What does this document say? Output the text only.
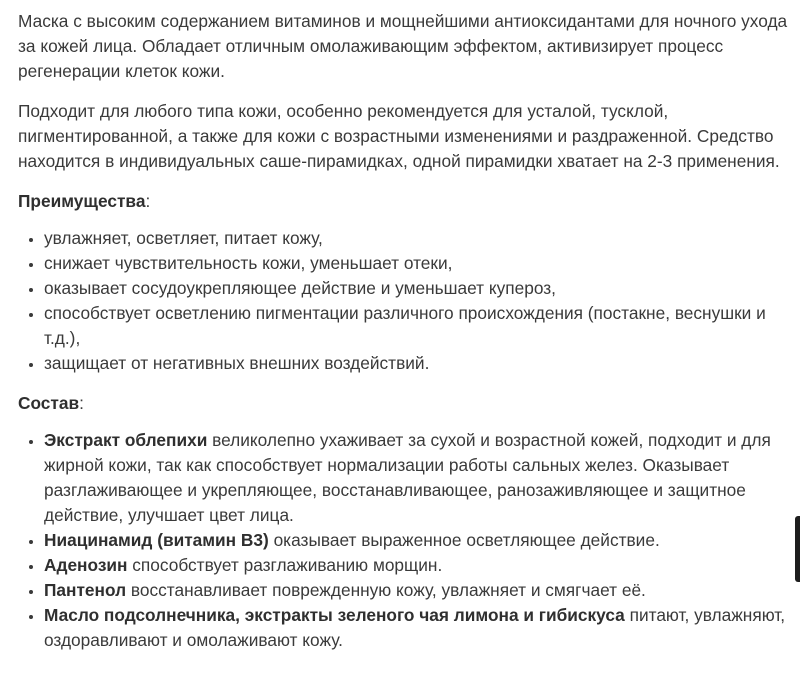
Маска с высоким содержанием витаминов и мощнейшими антиоксидантами для ночного ухода за кожей лица. Обладает отличным омолаживающим эффектом, активизирует процесс регенерации клеток кожи.

Подходит для любого типа кожи, особенно рекомендуется для усталой, тусклой, пигментированной, а также для кожи с возрастными изменениями и раздраженной. Средство находится в индивидуальных саше-пирамидках, одной пирамидки хватает на 2-3 применения.

Преимущества:
• увлажняет, осветляет, питает кожу,
• снижает чувствительность кожи, уменьшает отеки,
• оказывает сосудоукрепляющее действие и уменьшает купероз,
• способствует осветлению пигментации различного происхождения (постакне, веснушки и т.д.),
• защищает от негативных внешних воздействий.
Состав:
• Экстракт облепихи великолепно ухаживает за сухой и возрастной кожей, подходит и для жирной кожи, так как способствует нормализации работы сальных желез. Оказывает разглаживающее и укрепляющее, восстанавливающее, ранозаживляющее и защитное действие, улучшает цвет лица.
• Ниацинамид (витамин В3) оказывает выраженное осветляющее действие.
• Аденозин способствует разглаживанию морщин.
• Пантенол восстанавливает поврежденную кожу, увлажняет и смягчает её.
• Масло подсолнечника, экстракты зеленого чая лимона и гибискуса питают, увлажняют, оздоравливают и омолаживают кожу.
